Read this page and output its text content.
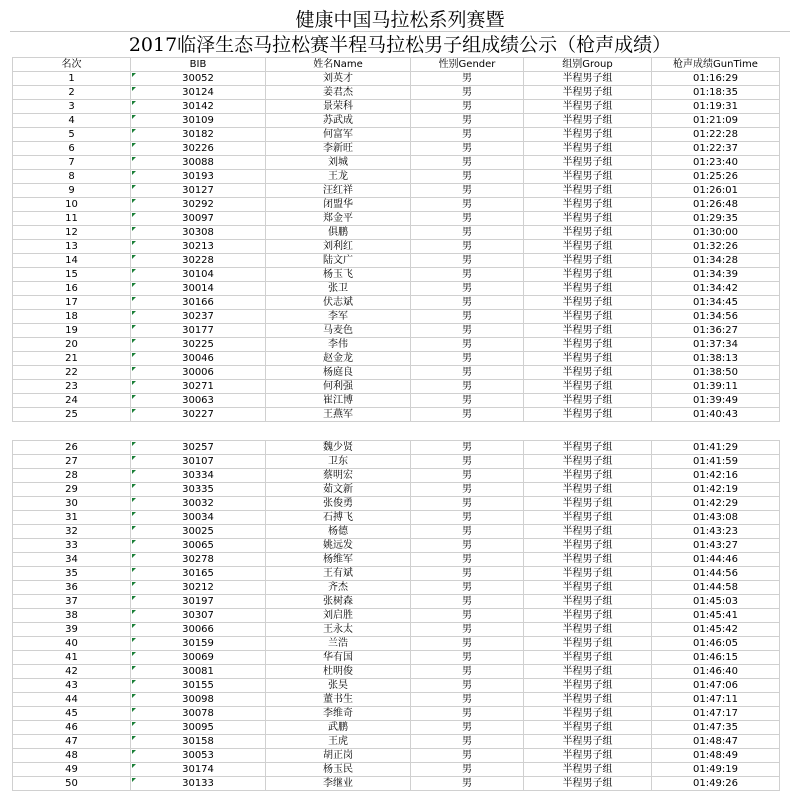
健康中国马拉松系列赛暨
2017临泽生态马拉松赛半程马拉松男子组成绩公示（枪声成绩）
名次	BIB	姓名Name	性别Gender	组别Group	枪声成绩GunTime
1	30052	刘英才	男	半程男子组	01:16:29
2	30124	姜君杰	男	半程男子组	01:18:35
3	30142	景荣科	男	半程男子组	01:19:31
4	30109	苏武成	男	半程男子组	01:21:09
5	30182	何富军	男	半程男子组	01:22:28
6	30226	李新旺	男	半程男子组	01:22:37
7	30088	刘城	男	半程男子组	01:23:40
8	30193	王龙	男	半程男子组	01:25:26
9	30127	汪红祥	男	半程男子组	01:26:01
10	30292	闭盟华	男	半程男子组	01:26:48
11	30097	郑金平	男	半程男子组	01:29:35
12	30308	俱鹏	男	半程男子组	01:30:00
13	30213	刘利红	男	半程男子组	01:32:26
14	30228	陆文广	男	半程男子组	01:34:28
15	30104	杨玉飞	男	半程男子组	01:34:39
16	30014	张卫	男	半程男子组	01:34:42
17	30166	伏志斌	男	半程男子组	01:34:45
18	30237	李军	男	半程男子组	01:34:56
19	30177	马麦色	男	半程男子组	01:36:27
20	30225	李伟	男	半程男子组	01:37:34
21	30046	赵金龙	男	半程男子组	01:38:13
22	30006	杨庭良	男	半程男子组	01:38:50
23	30271	何利强	男	半程男子组	01:39:11
24	30063	崔江博	男	半程男子组	01:39:49
25	30227	王燕军	男	半程男子组	01:40:43
26	30257	魏少贤	男	半程男子组	01:41:29
27	30107	卫东	男	半程男子组	01:41:59
28	30334	蔡明宏	男	半程男子组	01:42:16
29	30335	茹文新	男	半程男子组	01:42:19
30	30032	张俊勇	男	半程男子组	01:42:29
31	30034	石搏飞	男	半程男子组	01:43:08
32	30025	杨德	男	半程男子组	01:43:23
33	30065	姚远发	男	半程男子组	01:43:27
34	30278	杨维军	男	半程男子组	01:44:46
35	30165	王有斌	男	半程男子组	01:44:56
36	30212	齐杰	男	半程男子组	01:44:58
37	30197	张树森	男	半程男子组	01:45:03
38	30307	刘启胜	男	半程男子组	01:45:41
39	30066	王永太	男	半程男子组	01:45:42
40	30159	兰浩	男	半程男子组	01:46:05
41	30069	华有国	男	半程男子组	01:46:15
42	30081	杜明俊	男	半程男子组	01:46:40
43	30155	张昊	男	半程男子组	01:47:06
44	30098	董书生	男	半程男子组	01:47:11
45	30078	李维奇	男	半程男子组	01:47:17
46	30095	武鹏	男	半程男子组	01:47:35
47	30158	王虎	男	半程男子组	01:48:47
48	30053	胡正岗	男	半程男子组	01:48:49
49	30174	杨玉民	男	半程男子组	01:49:19
50	30133	李继业	男	半程男子组	01:49:26
